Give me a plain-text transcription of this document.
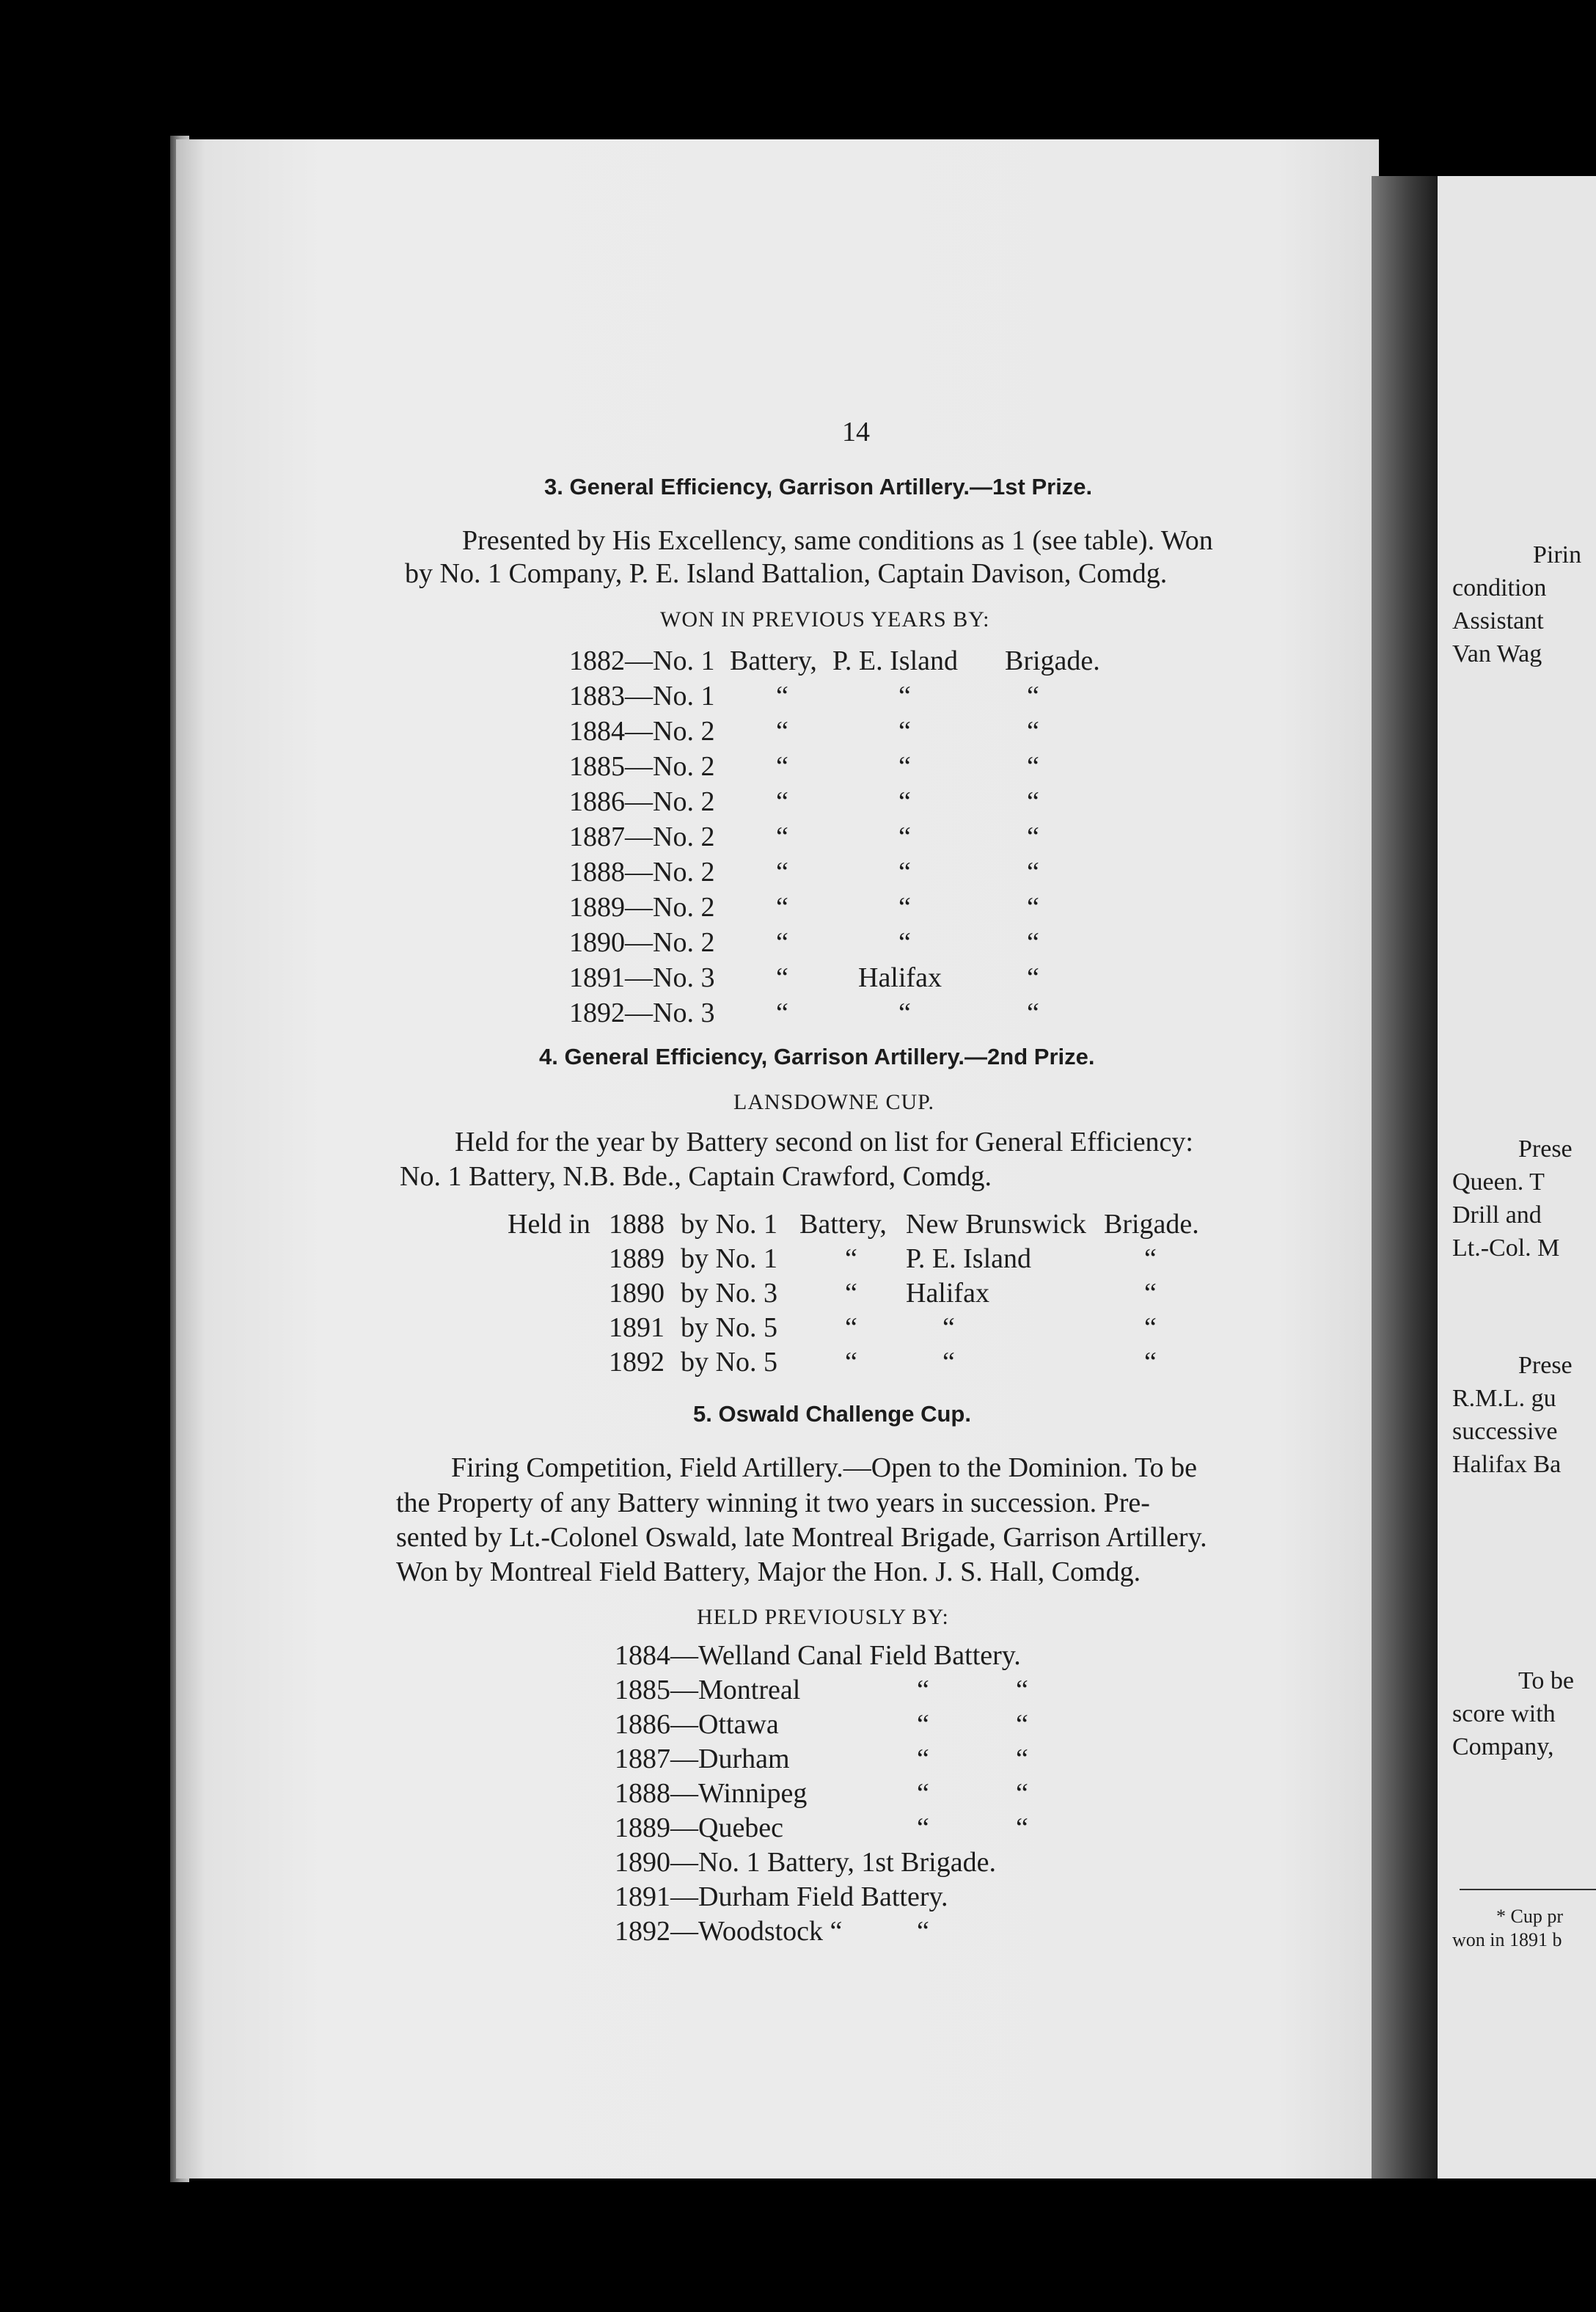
Pirin
condition
Assistant
Van Wag
Prese
Queen. T
Drill and
Lt.-Col. M
Prese
R.M.L. gu
successive
Halifax Ba
To be
score with
Company,
* Cup pr
won in 1891 b
14
3. General Efficiency, Garrison Artillery.—1st Prize.
Presented by His Excellency, same conditions as 1 (see table). Won
by No. 1 Company, P. E. Island Battalion, Captain Davison, Comdg.
WON IN PREVIOUS YEARS BY:
1882—No. 1 Battery, P. E. Island Brigade.
1883—No. 1 “	“	“
1884—No. 2 “	“	“
1885—No. 2 “	“	“
1886—No. 2 “	“	“
1887—No. 2 “	“	“
1888—No. 2 “	“	“
1889—No. 2 “	“	“
1890—No. 2 “	“	“
1891—No. 3 “	Halifax	“
1892—No. 3 “	“	“
4. General Efficiency, Garrison Artillery.—2nd Prize.
LANSDOWNE CUP.
Held for the year by Battery second on list for General Efficiency:
No. 1 Battery, N.B. Bde., Captain Crawford, Comdg.
Held in 1888 by No. 1 Battery, New Brunswick Brigade.
1889 by No. 1 “ P. E. Island	“
1890 by No. 3 “ Halifax	“
1891 by No. 5 “	“	“
1892 by No. 5 “	“	“
5. Oswald Challenge Cup.
Firing Competition, Field Artillery.—Open to the Dominion. To be
the Property of any Battery winning it two years in succession. Pre-
sented by Lt.-Colonel Oswald, late Montreal Brigade, Garrison Artillery.
Won by Montreal Field Battery, Major the Hon. J. S. Hall, Comdg.
HELD PREVIOUSLY BY:
1884—Welland Canal Field Battery.
1885—Montreal	“	“
1886—Ottawa	“	“
1887—Durham	“	“
1888—Winnipeg	“	“
1889—Quebec	“	“
1890—No. 1 Battery, 1st Brigade.
1891—Durham Field Battery.
1892—Woodstock “	“
